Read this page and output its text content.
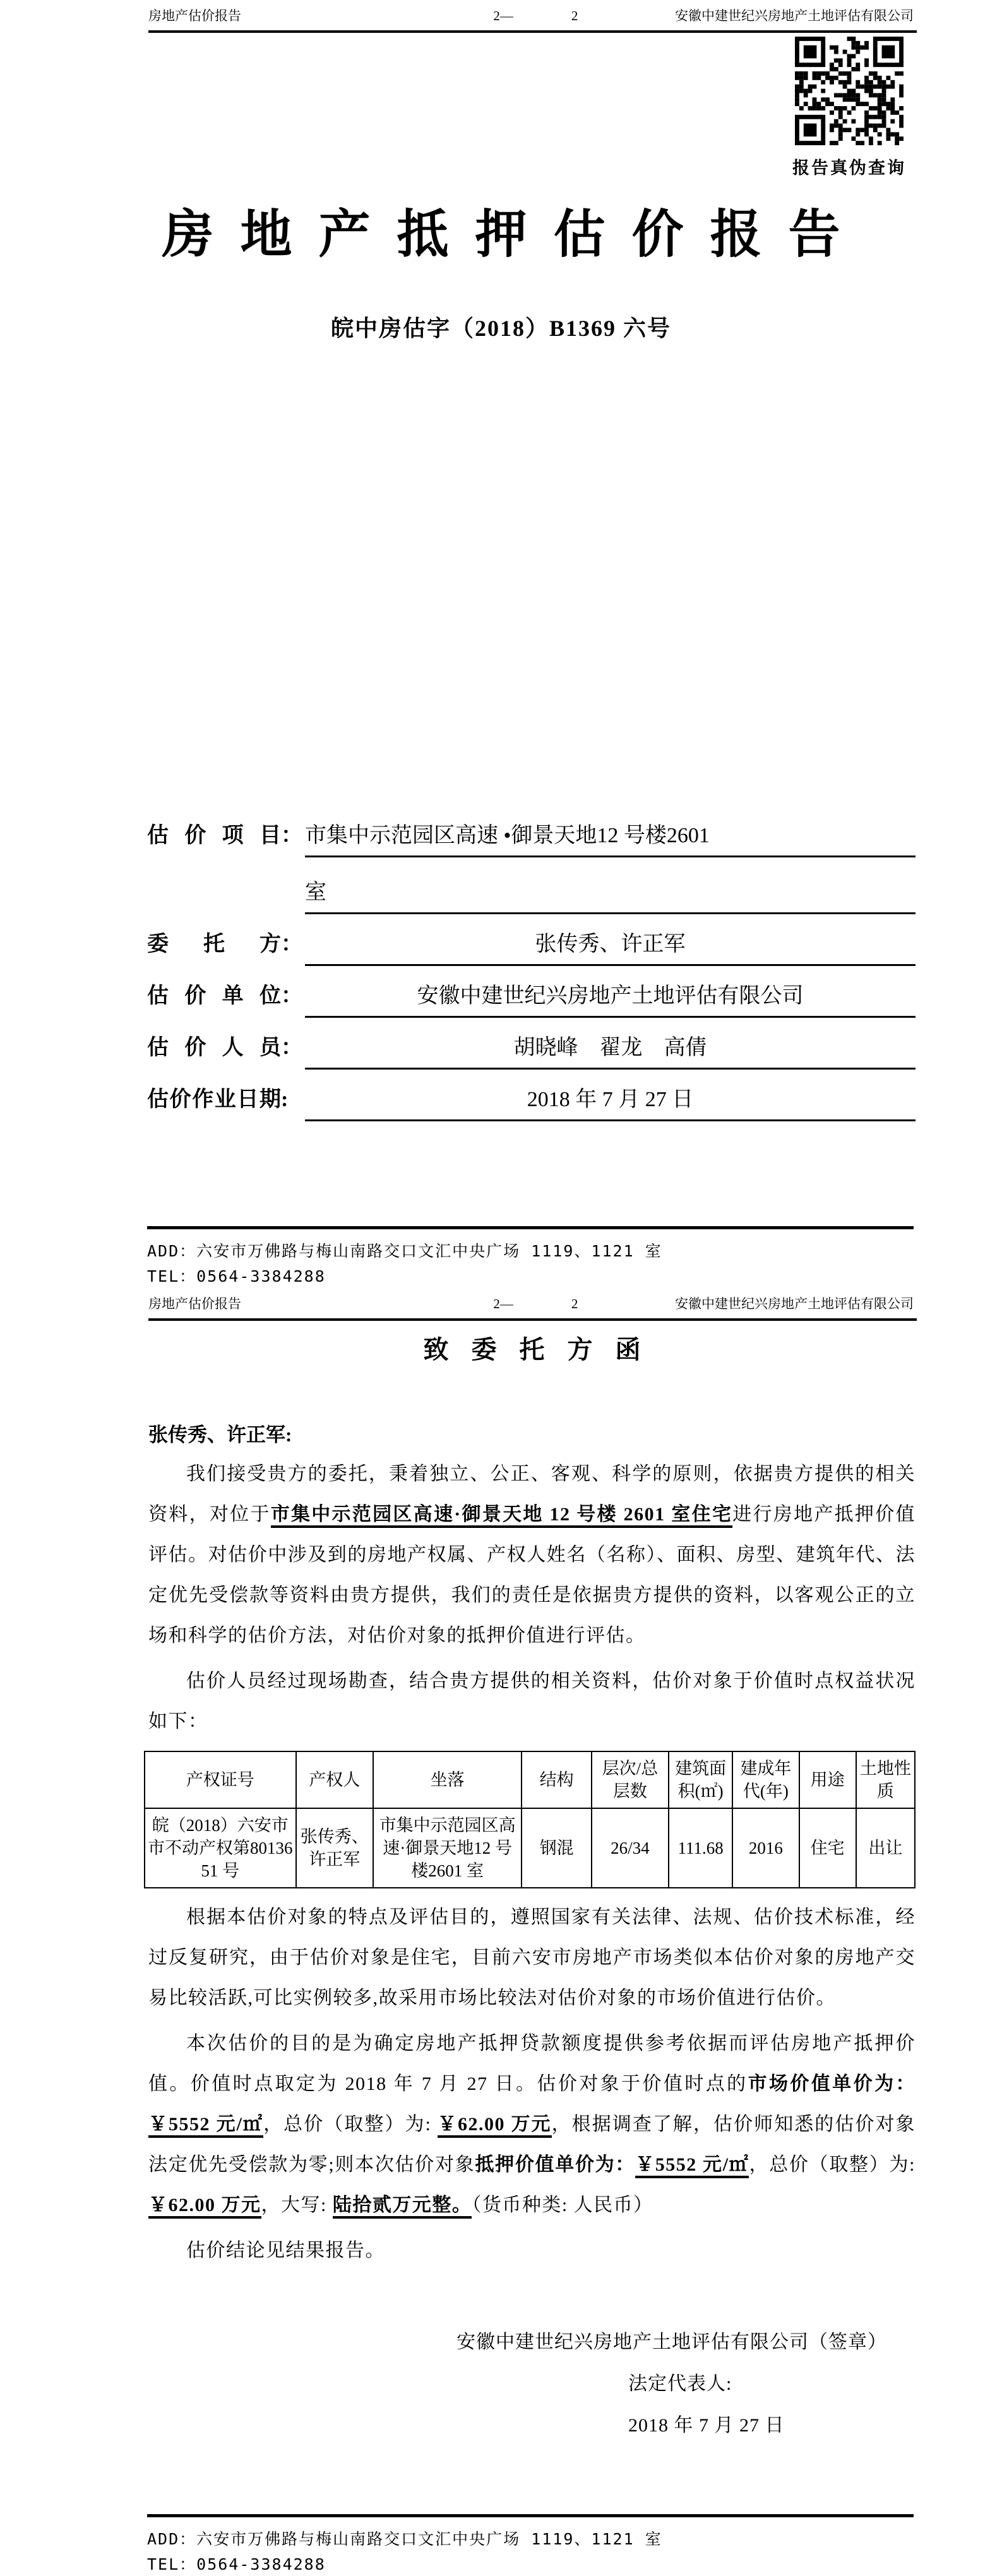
房地产估价报告	2—	2	安徽中建世纪兴房地产土地评估有限公司
报告真伪查询
房地产抵押估价报告
皖中房估字（2018）B1369 六号
估价项目 ： 市集中示范园区高速 •御景天地12 号楼2601
室
委托方 ：	张传秀、许正军
估价单位 ：	安徽中建世纪兴房地产土地评估有限公司
估价人员 ：	胡晓峰　翟龙　高倩
估价作业日期 :	2018 年 7 月 27 日
ADD：六安市万佛路与梅山南路交口文汇中央广场 1119、1121 室
TEL：0564-3384288
房地产估价报告	2—	2	安徽中建世纪兴房地产土地评估有限公司
致委托方函
张传秀、许正军:

我们接受贵方的委托，秉着独立、公正、客观、科学的原则，依据贵方提供的相关资料，对位于市集中示范园区高速·御景天地 12 号楼 2601 室住宅进行房地产抵押价值评估。对估价中涉及到的房地产权属、产权人姓名（名称）、面积、房型、建筑年代、法定优先受偿款等资料由贵方提供，我们的责任是依据贵方提供的资料，以客观公正的立场和科学的估价方法，对估价对象的抵押价值进行评估。

估价人员经过现场勘查，结合贵方提供的相关资料，估价对象于价值时点权益状况如下：

产权证号	产权人	坐落	结构	层次/总层数	建筑面积(㎡)	建成年代(年)	用途	土地性质
皖（2018）六安市市不动产权第8013651 号	张传秀、许正军	市集中示范园区高速·御景天地12 号楼2601 室	钢混	26/34	111.68	2016	住宅	出让

根据本估价对象的特点及评估目的，遵照国家有关法律、法规、估价技术标准，经过反复研究，由于估价对象是住宅，目前六安市房地产市场类似本估价对象的房地产交易比较活跃,可比实例较多,故采用市场比较法对估价对象的市场价值进行估价。

本次估价的目的是为确定房地产抵押贷款额度提供参考依据而评估房地产抵押价值。价值时点取定为 2018 年 7 月 27 日。估价对象于价值时点的市场价值单价为：￥5552 元/㎡，总价（取整）为: ￥62.00 万元，根据调查了解，估价师知悉的估价对象法定优先受偿款为零;则本次估价对象抵押价值单价为：￥5552 元/㎡，总价（取整）为: ￥62.00 万元，大写: 陆拾贰万元整。（货币种类: 人民币）

估价结论见结果报告。

安徽中建世纪兴房地产土地评估有限公司（签章）
法定代表人:
2018 年 7 月 27 日
ADD：六安市万佛路与梅山南路交口文汇中央广场 1119、1121 室
TEL：0564-3384288
